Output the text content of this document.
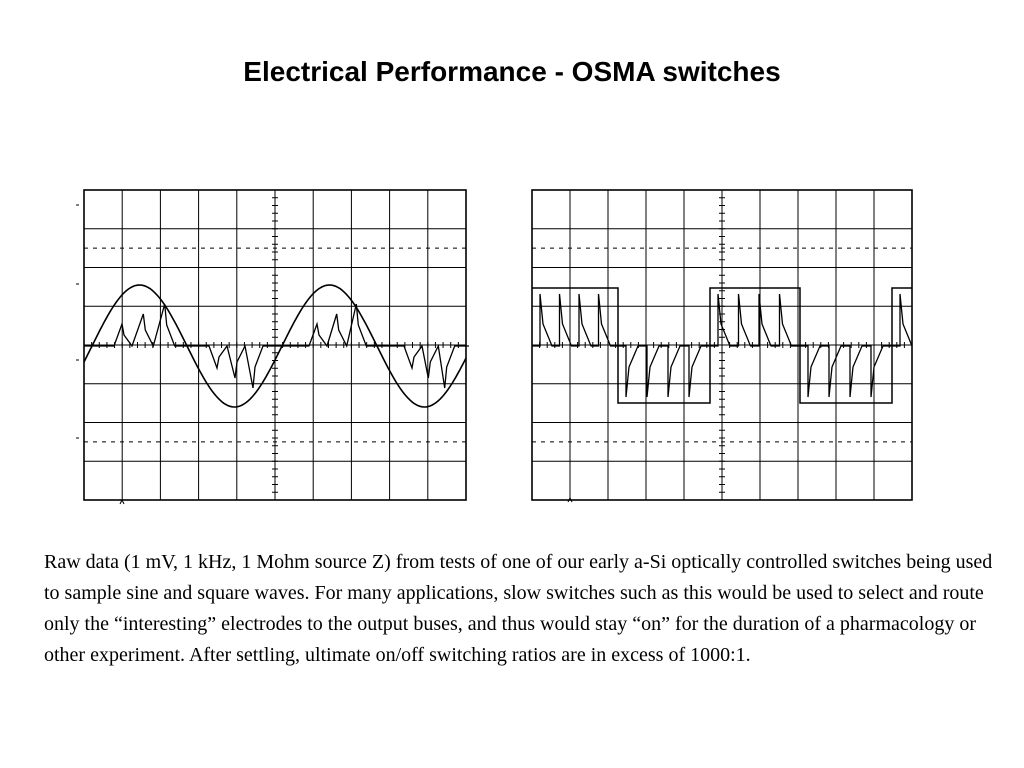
Electrical Performance - OSMA switches

Raw data (1 mV, 1 kHz, 1 Mohm source Z) from tests of one of our early a-Si optically controlled switches being used to sample sine and square waves. For many applications, slow switches such as this would be used to select and route only the “interesting” electrodes to the output buses, and thus would stay “on” for the duration of a pharmacology or other experiment. After settling, ultimate on/off switching ratios are in excess of 1000:1.
